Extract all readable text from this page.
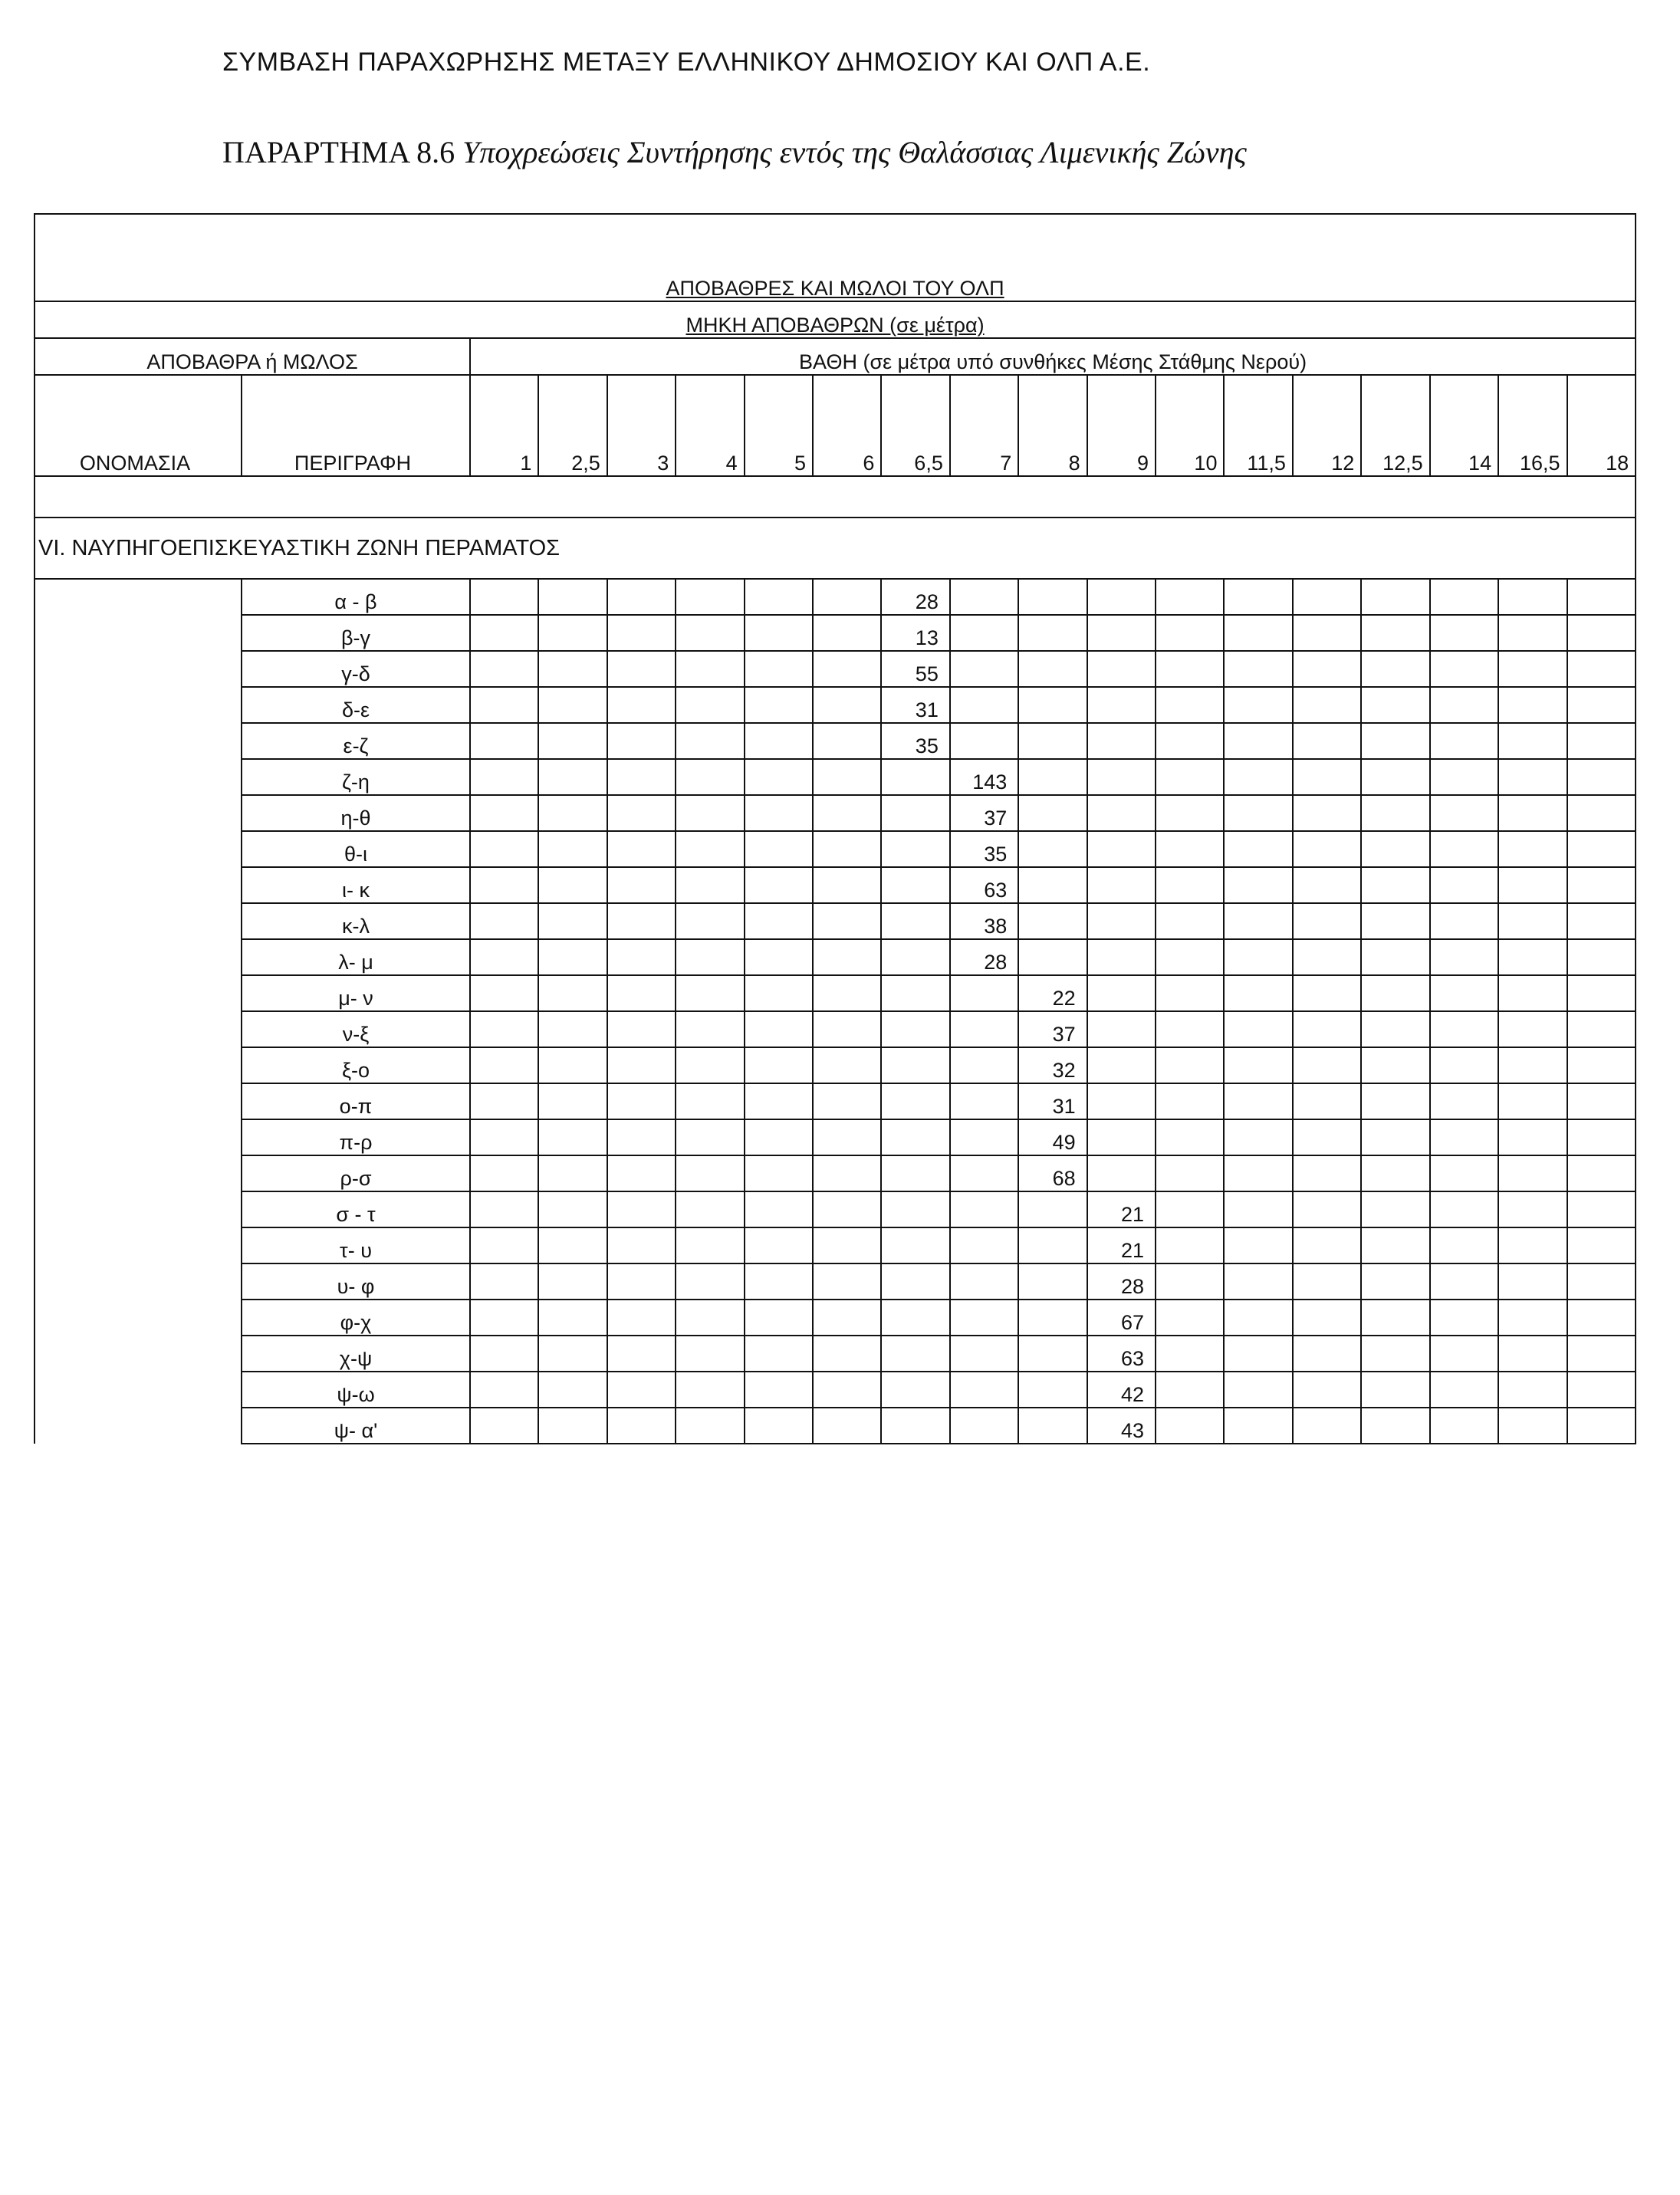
ΣΥΜΒΑΣΗ ΠΑΡΑΧΩΡΗΣΗΣ ΜΕΤΑΞΥ ΕΛΛΗΝΙΚΟΥ ΔΗΜΟΣΙΟΥ ΚΑΙ ΟΛΠ Α.Ε.
ΠΑΡΑΡΤΗΜΑ 8.6 Υποχρεώσεις Συντήρησης εντός της Θαλάσσιας Λιμενικής Ζώνης

ΑΠΟΒΑΘΡΕΣ ΚΑΙ ΜΩΛΟΙ ΤΟΥ ΟΛΠ																		
ΜΗΚΗ ΑΠΟΒΑΘΡΩΝ (σε μέτρα)																		
ΑΠΟΒΑΘΡΑ ή ΜΩΛΟΣ		ΒΑΘΗ (σε μέτρα υπό συνθήκες Μέσης Στάθμης Νερού)																
ΟΝΟΜΑΣΙΑ	ΠΕΡΙΓΡΑΦΗ	1	2,5	3	4	5	6	6,5	7	8	9	10	11,5	12	12,5	14	16,5	18

VI. ΝΑΥΠΗΓΟΕΠΙΣΚΕΥΑΣΤΙΚΗ ΖΩΝΗ ΠΕΡΑΜΑΤΟΣ																		
	α - β							28										
	β-γ							13										
	γ-δ							55										
	δ-ε							31										
	ε-ζ							35										
	ζ-η								143									
	η-θ								37									
	θ-ι								35									
	ι- κ								63									
	κ-λ								38									
	λ- μ								28									
	μ- ν									22								
	ν-ξ									37								
	ξ-ο									32								
	ο-π									31								
	π-ρ									49								
	ρ-σ									68								
	σ - τ										21							
	τ- υ										21							
	υ- φ										28							
	φ-χ										67							
	χ-ψ										63							
	ψ-ω										42							
	ψ- α'										43							
